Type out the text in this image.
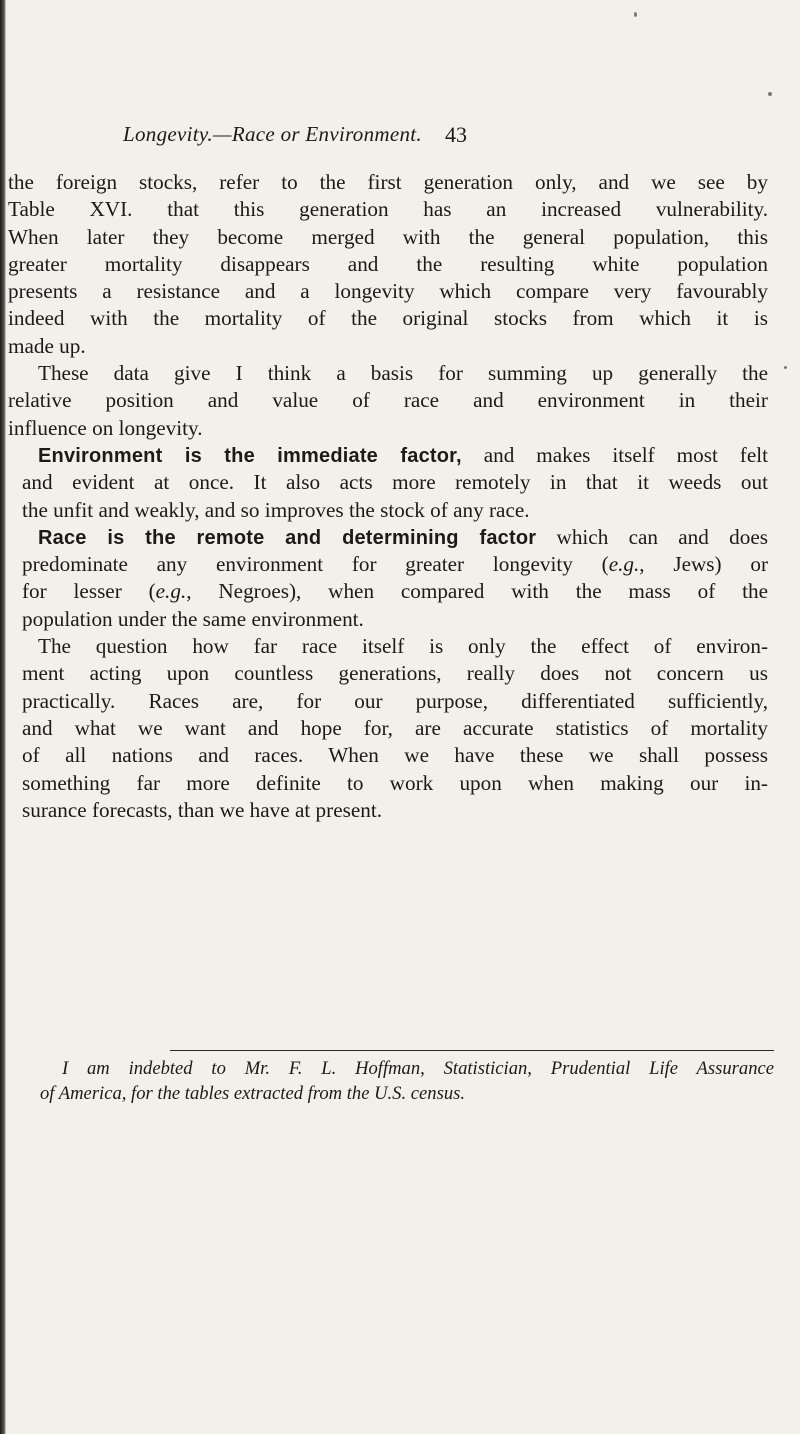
Longevity.—Race or Environment. 43
the foreign stocks, refer to the first generation only, and we see by
Table XVI. that this generation has an increased vulnerability.
When later they become merged with the general population, this
greater mortality disappears and the resulting white population
presents a resistance and a longevity which compare very favourably
indeed with the mortality of the original stocks from which it is
made up.
These data give I think a basis for summing up generally the
relative position and value of race and environment in their
influence on longevity.
Environment is the immediate factor, and makes itself most felt
and evident at once. It also acts more remotely in that it weeds out
the unfit and weakly, and so improves the stock of any race.
Race is the remote and determining factor which can and does
predominate any environment for greater longevity (e.g., Jews) or
for lesser (e.g., Negroes), when compared with the mass of the
population under the same environment.
The question how far race itself is only the effect of environ-
ment acting upon countless generations, really does not concern us
practically. Races are, for our purpose, differentiated sufficiently,
and what we want and hope for, are accurate statistics of mortality
of all nations and races. When we have these we shall possess
something far more definite to work upon when making our in-
surance forecasts, than we have at present.
I am indebted to Mr. F. L. Hoffman, Statistician, Prudential Life Assurance
of America, for the tables extracted from the U.S. census.
